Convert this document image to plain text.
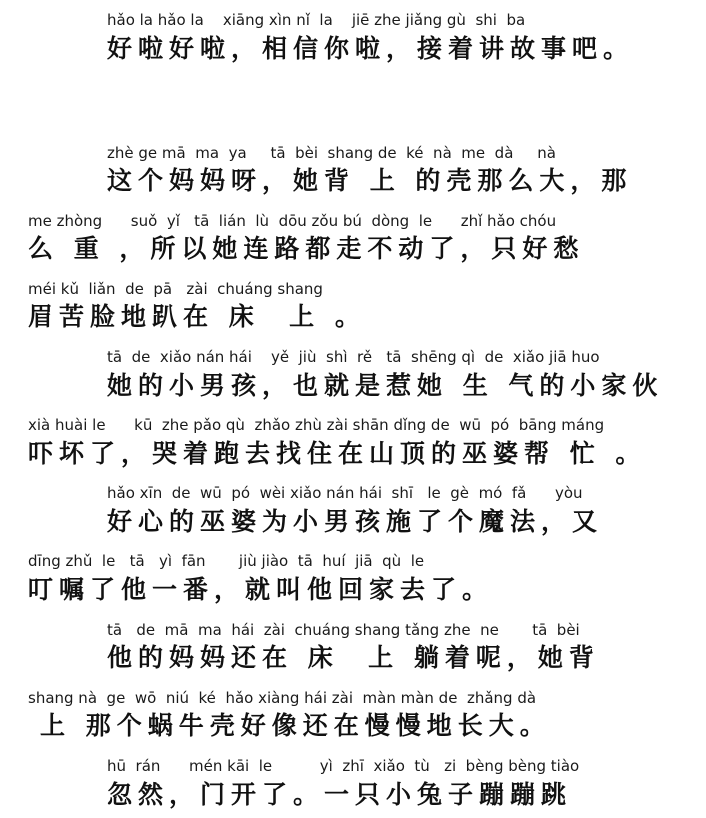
hǎo la hǎo la    xiāng xìn nǐ  la    jiē zhe jiǎng gù  shi  ba
好啦好啦，相信你啦，接着讲故事吧。
zhè ge mā  ma  ya     tā  bèi  shang de  ké  nà  me  dà     nà
这个妈妈呀，她背 上 的壳那么大，那
me zhòng      suǒ  yǐ   tā  lián  lù  dōu zǒu bú  dòng  le      zhǐ hǎo chóu
么 重 ，所以她连路都走不动了，只好愁
méi kǔ  liǎn  de  pā   zài  chuáng shang
眉苦脸地趴在 床  上 。
tā  de  xiǎo nán hái    yě  jiù  shì  rě   tā  shēng qì  de  xiǎo jiā huo
她的小男孩，也就是惹她 生 气的小家伙
xià huài le      kū  zhe pǎo qù  zhǎo zhù zài shān dǐng de  wū  pó  bāng máng
吓坏了，哭着跑去找住在山顶的巫婆帮 忙 。
hǎo xīn  de  wū  pó  wèi xiǎo nán hái  shī   le  gè  mó  fǎ      yòu
好心的巫婆为小男孩施了个魔法，又
dīng zhǔ  le   tā   yì  fān       jiù jiào  tā  huí  jiā  qù  le
叮嘱了他一番，就叫他回家去了。
tā   de  mā  ma  hái  zài  chuáng shang tǎng zhe  ne       tā  bèi
他的妈妈还在 床  上 躺着呢，她背
shang nà  ge  wō  niú  ké  hǎo xiàng hái zài  màn màn de  zhǎng dà
上 那个蜗牛壳好像还在慢慢地长大。
hū  rán      mén kāi  le          yì  zhī  xiǎo  tù   zi  bèng bèng tiào
忽然，门开了。一只小兔子蹦蹦跳
